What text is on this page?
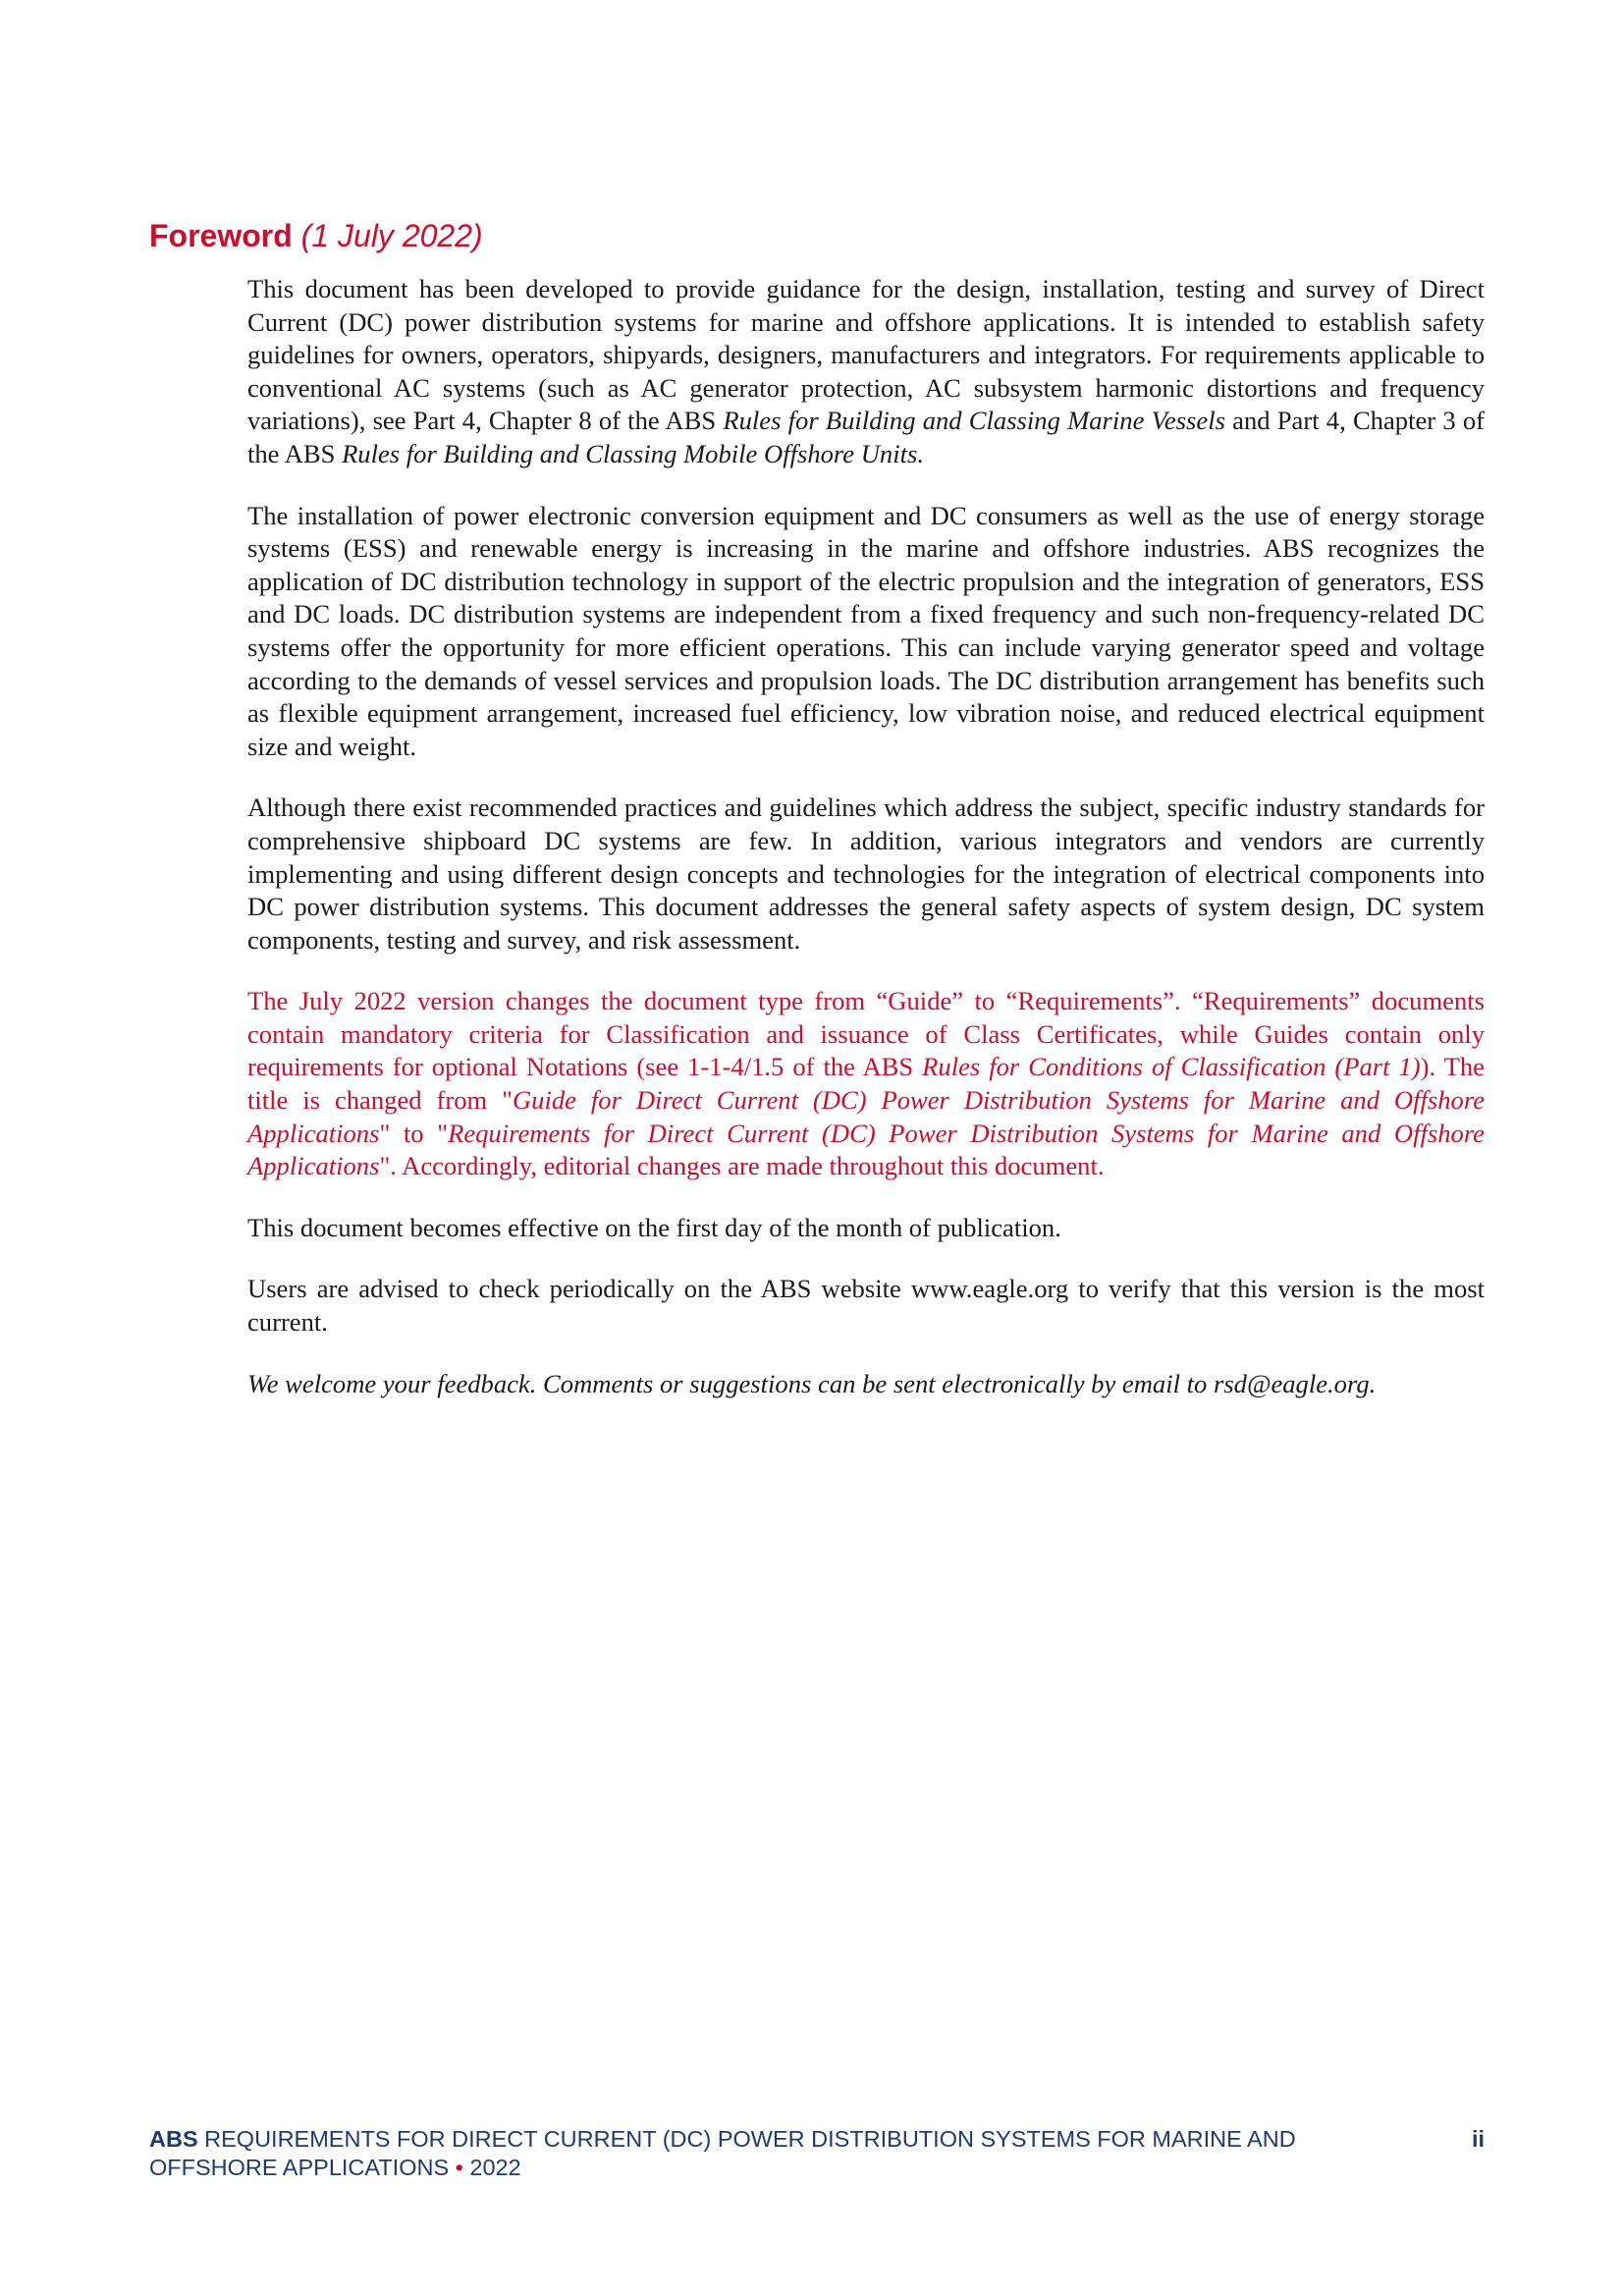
Foreword (1 July 2022)

This document has been developed to provide guidance for the design, installation, testing and survey of Direct Current (DC) power distribution systems for marine and offshore applications. It is intended to establish safety guidelines for owners, operators, shipyards, designers, manufacturers and integrators. For requirements applicable to conventional AC systems (such as AC generator protection, AC subsystem harmonic distortions and frequency variations), see Part 4, Chapter 8 of the ABS Rules for Building and Classing Marine Vessels and Part 4, Chapter 3 of the ABS Rules for Building and Classing Mobile Offshore Units.

The installation of power electronic conversion equipment and DC consumers as well as the use of energy storage systems (ESS) and renewable energy is increasing in the marine and offshore industries. ABS recognizes the application of DC distribution technology in support of the electric propulsion and the integration of generators, ESS and DC loads. DC distribution systems are independent from a fixed frequency and such non-frequency-related DC systems offer the opportunity for more efficient operations. This can include varying generator speed and voltage according to the demands of vessel services and propulsion loads. The DC distribution arrangement has benefits such as flexible equipment arrangement, increased fuel efficiency, low vibration noise, and reduced electrical equipment size and weight.

Although there exist recommended practices and guidelines which address the subject, specific industry standards for comprehensive shipboard DC systems are few. In addition, various integrators and vendors are currently implementing and using different design concepts and technologies for the integration of electrical components into DC power distribution systems. This document addresses the general safety aspects of system design, DC system components, testing and survey, and risk assessment.

The July 2022 version changes the document type from “Guide” to “Requirements”. “Requirements” documents contain mandatory criteria for Classification and issuance of Class Certificates, while Guides contain only requirements for optional Notations (see 1-1-4/1.5 of the ABS Rules for Conditions of Classification (Part 1)). The title is changed from "Guide for Direct Current (DC) Power Distribution Systems for Marine and Offshore Applications" to "Requirements for Direct Current (DC) Power Distribution Systems for Marine and Offshore Applications". Accordingly, editorial changes are made throughout this document.

This document becomes effective on the first day of the month of publication.

Users are advised to check periodically on the ABS website www.eagle.org to verify that this version is the most current.

We welcome your feedback. Comments or suggestions can be sent electronically by email to rsd@eagle.org.

ABS REQUIREMENTS FOR DIRECT CURRENT (DC) POWER DISTRIBUTION SYSTEMS FOR MARINE AND OFFSHORE APPLICATIONS • 2022
ii
